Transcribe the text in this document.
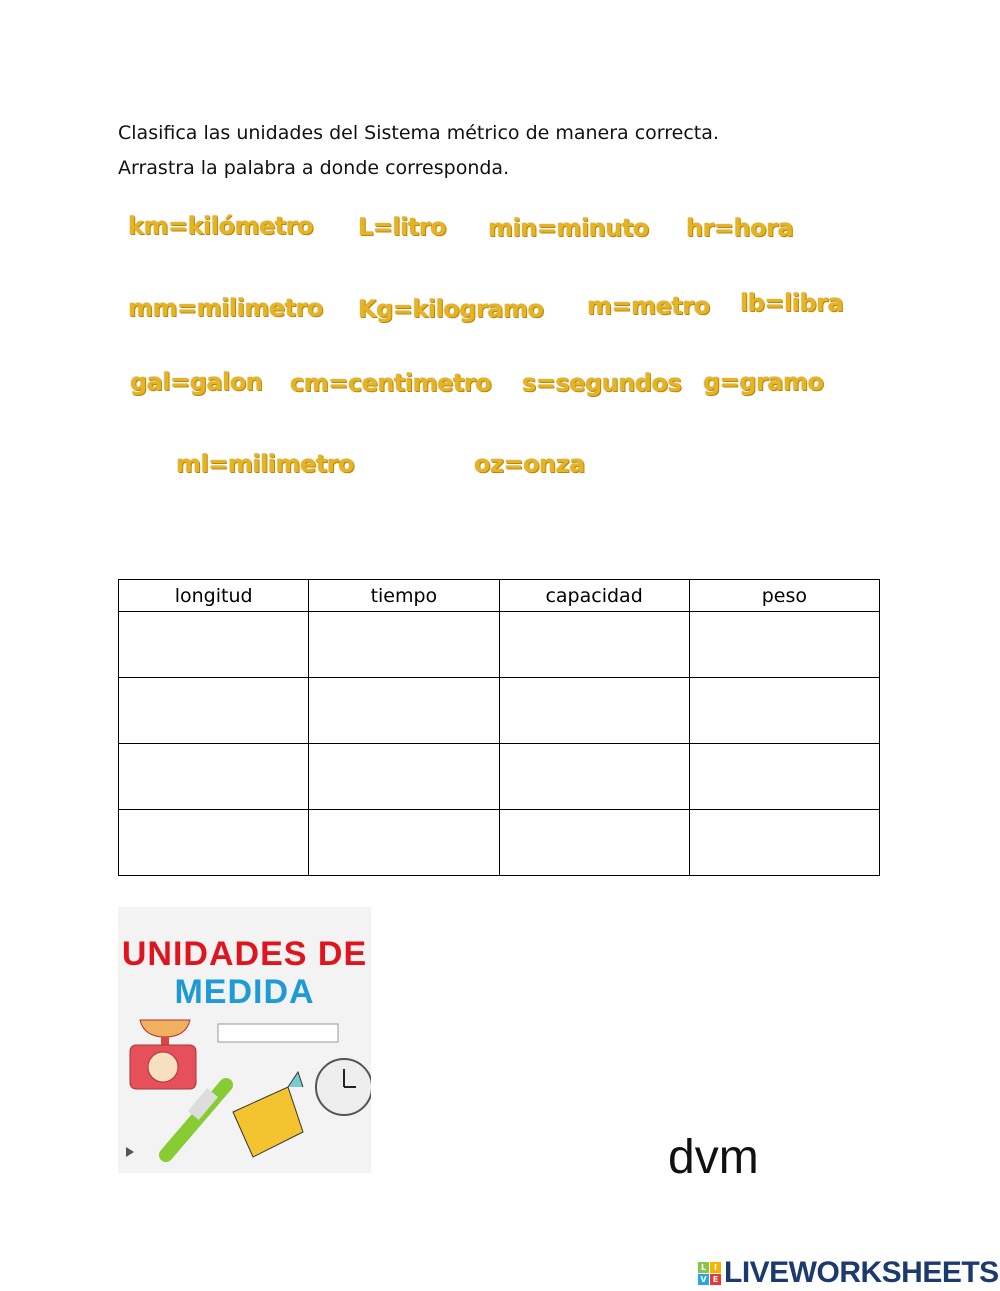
Clasifica las unidades del Sistema métrico de manera correcta.
Arrastra la palabra a donde corresponda.
km=kilómetro L=litro min=minuto hr=hora
mm=milimetro Kg=kilogramo m=metro lb=libra
gal=galon cm=centimetro s=segundos g=gramo
ml=milimetro	oz=onza
longitud	tiempo	capacidad	peso

UNIDADES DE
MEDIDA
dvm
L I
V E LIVEWORKSHEETS
